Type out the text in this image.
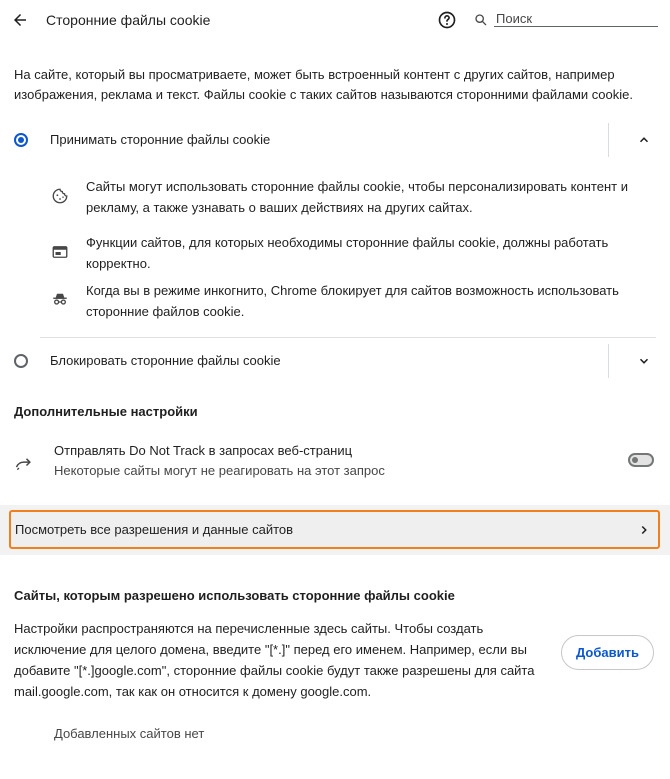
Сторонние файлы cookie
Поиск
На сайте, который вы просматриваете, может быть встроенный контент с других сайтов, например изображения, реклама и текст. Файлы cookie с таких сайтов называются сторонними файлами cookie.
Принимать сторонние файлы cookie
Сайты могут использовать сторонние файлы cookie, чтобы персонализировать контент и рекламу, а также узнавать о ваших действиях на других сайтах.
Функции сайтов, для которых необходимы сторонние файлы cookie, должны работать корректно.
Когда вы в режиме инкогнито, Chrome блокирует для сайтов возможность использовать сторонние файлов cookie.
Блокировать сторонние файлы cookie
Дополнительные настройки
Отправлять Do Not Track в запросах веб-страниц
Некоторые сайты могут не реагировать на этот запрос
Посмотреть все разрешения и данные сайтов
Сайты, которым разрешено использовать сторонние файлы cookie
Настройки распространяются на перечисленные здесь сайты. Чтобы создать исключение для целого домена, введите "[*.]" перед его именем. Например, если вы добавите "[*.]google.com", сторонние файлы cookie будут также разрешены для сайта mail.google.com, так как он относится к домену google.com.
Добавить
Добавленных сайтов нет
